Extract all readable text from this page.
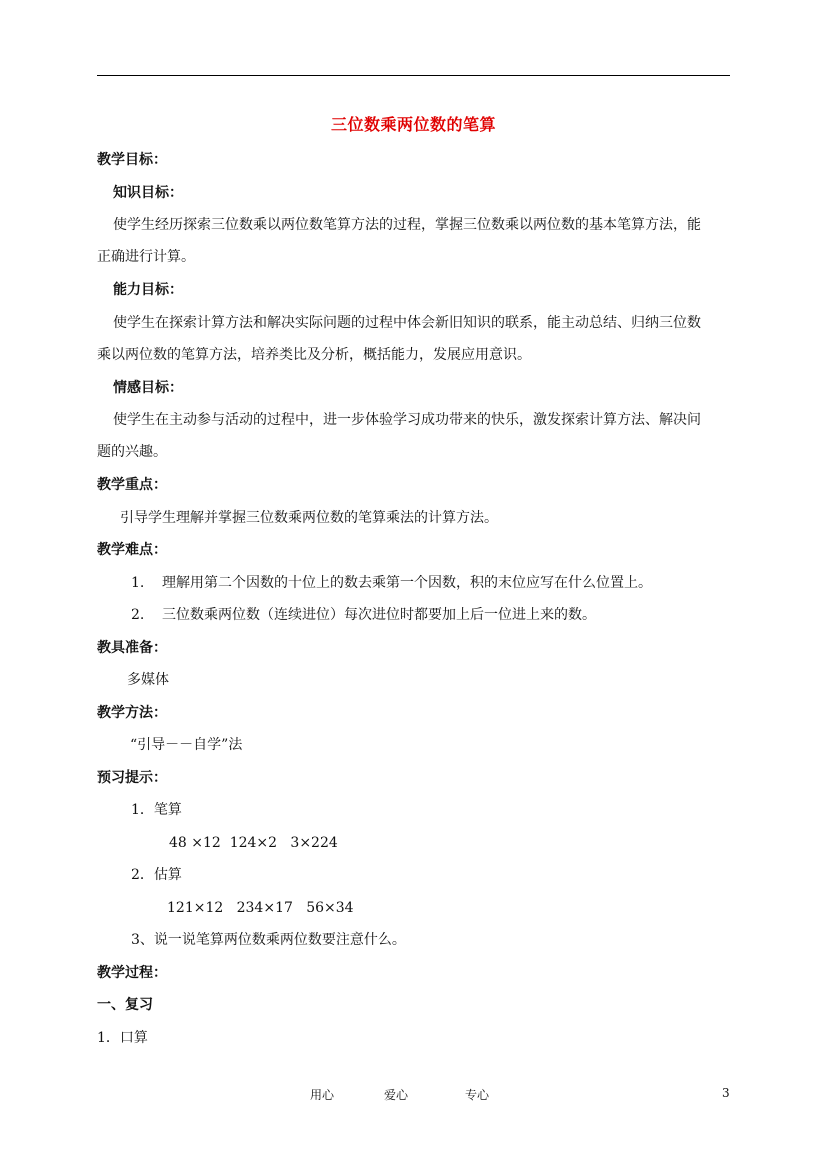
三位数乘两位数的笔算
教学目标：
知识目标：
使学生经历探索三位数乘以两位数笔算方法的过程，掌握三位数乘以两位数的基本笔算方法，能
正确进行计算。
能力目标：
使学生在探索计算方法和解决实际问题的过程中体会新旧知识的联系，能主动总结、归纳三位数
乘以两位数的笔算方法，培养类比及分析，概括能力，发展应用意识。
情感目标：
使学生在主动参与活动的过程中，进一步体验学习成功带来的快乐，激发探索计算方法、解决问
题的兴趣。
教学重点：
引导学生理解并掌握三位数乘两位数的笔算乘法的计算方法。
教学难点：
1. 理解用第二个因数的十位上的数去乘第一个因数，积的末位应写在什么位置上。
2. 三位数乘两位数（连续进位）每次进位时都要加上后一位进上来的数。
教具准备：
多媒体
教学方法：
“引导－－自学”法
预习提示：
1．笔算
48 ×12  124×2   3×224
2．估算
121×12   234×17   56×34
3、说一说笔算两位数乘两位数要注意什么。
教学过程：
一、复习
1．口算
用心	爱心	专心	3
